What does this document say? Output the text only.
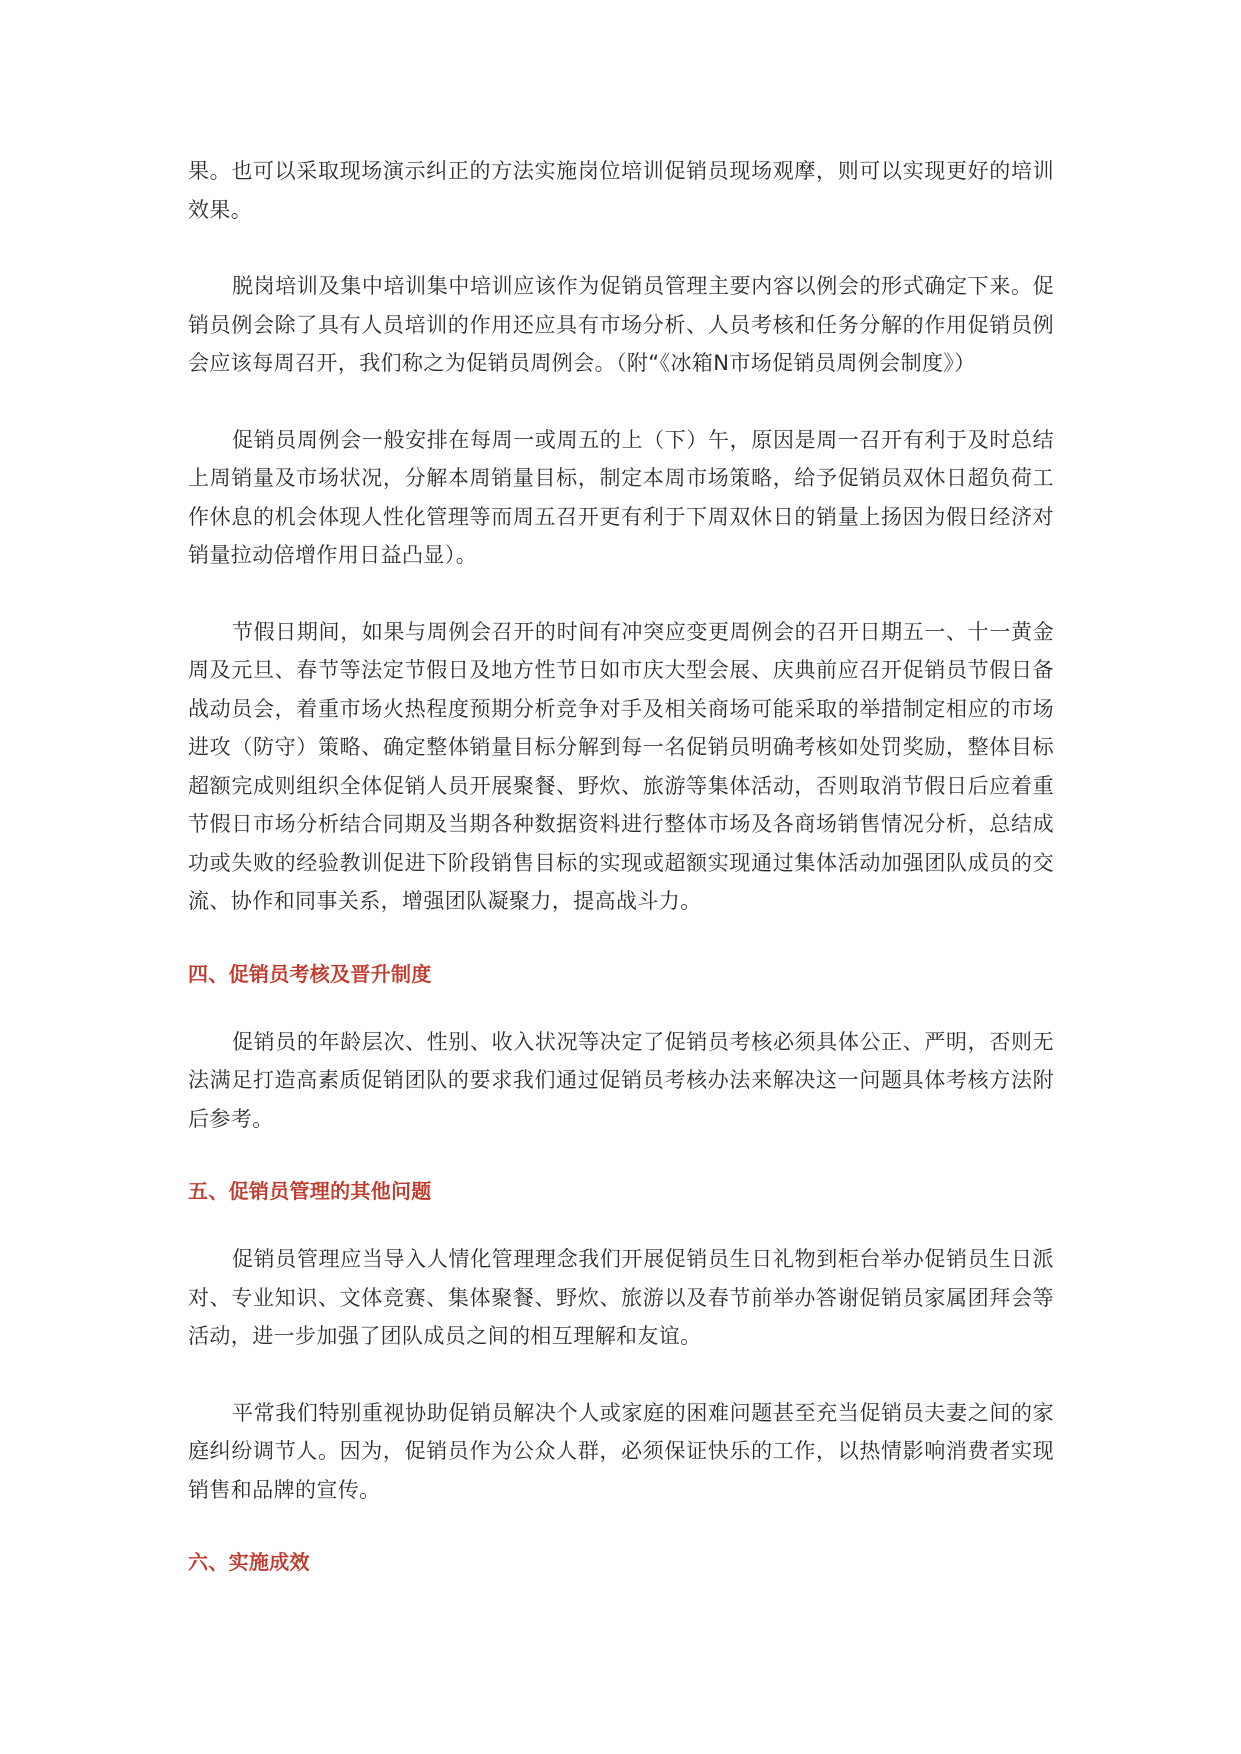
果。也可以采取现场演示纠正的方法实施岗位培训促销员现场观摩，则可以实现更好的培训效果。

脱岗培训及集中培训集中培训应该作为促销员管理主要内容以例会的形式确定下来。促销员例会除了具有人员培训的作用还应具有市场分析、人员考核和任务分解的作用促销员例会应该每周召开，我们称之为促销员周例会。（附“《冰箱N市场促销员周例会制度》）

促销员周例会一般安排在每周一或周五的上（下）午，原因是周一召开有利于及时总结上周销量及市场状况，分解本周销量目标，制定本周市场策略，给予促销员双休日超负荷工作休息的机会体现人性化管理等而周五召开更有利于下周双休日的销量上扬因为假日经济对销量拉动倍增作用日益凸显）。

节假日期间，如果与周例会召开的时间有冲突应变更周例会的召开日期五一、十一黄金周及元旦、春节等法定节假日及地方性节日如市庆大型会展、庆典前应召开促销员节假日备战动员会，着重市场火热程度预期分析竞争对手及相关商场可能采取的举措制定相应的市场进攻（防守）策略、确定整体销量目标分解到每一名促销员明确考核如处罚奖励，整体目标超额完成则组织全体促销人员开展聚餐、野炊、旅游等集体活动，否则取消节假日后应着重节假日市场分析结合同期及当期各种数据资料进行整体市场及各商场销售情况分析，总结成功或失败的经验教训促进下阶段销售目标的实现或超额实现通过集体活动加强团队成员的交流、协作和同事关系，增强团队凝聚力，提高战斗力。

四、促销员考核及晋升制度

促销员的年龄层次、性别、收入状况等决定了促销员考核必须具体公正、严明，否则无法满足打造高素质促销团队的要求我们通过促销员考核办法来解决这一问题具体考核方法附后参考。

五、促销员管理的其他问题

促销员管理应当导入人情化管理理念我们开展促销员生日礼物到柜台举办促销员生日派对、专业知识、文体竞赛、集体聚餐、野炊、旅游以及春节前举办答谢促销员家属团拜会等活动，进一步加强了团队成员之间的相互理解和友谊。

平常我们特别重视协助促销员解决个人或家庭的困难问题甚至充当促销员夫妻之间的家庭纠纷调节人。因为，促销员作为公众人群，必须保证快乐的工作，以热情影响消费者实现销售和品牌的宣传。

六、实施成效
